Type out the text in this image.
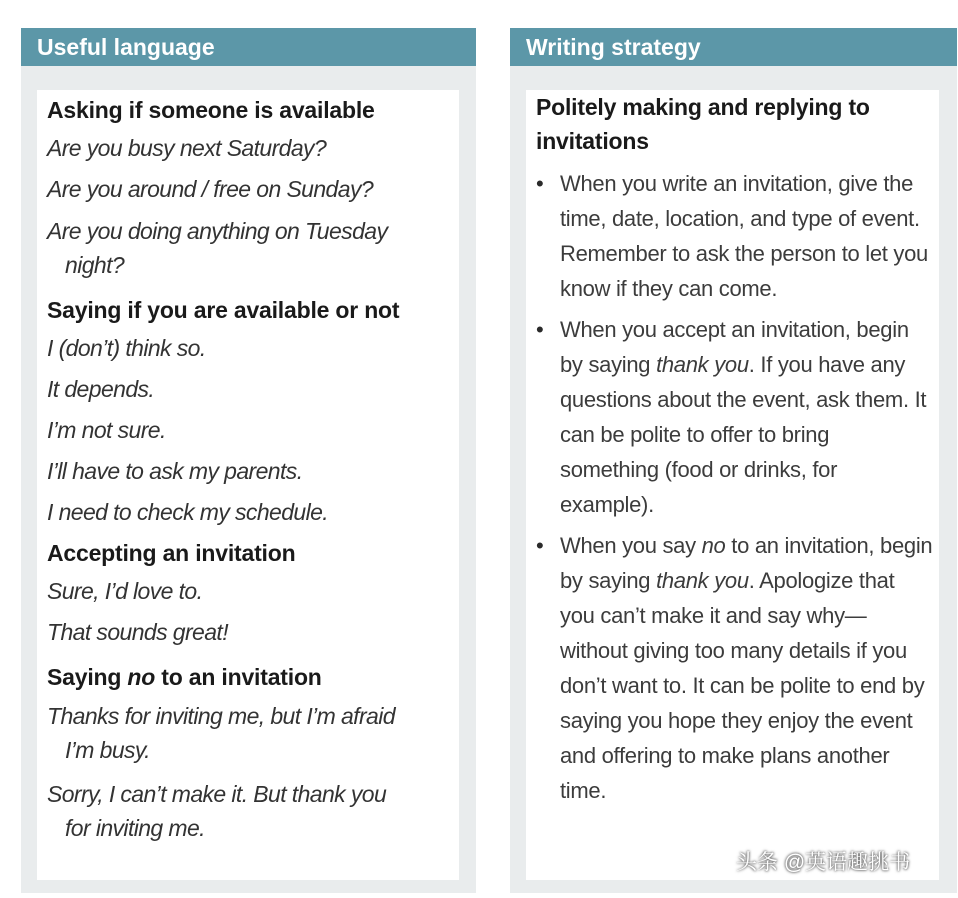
Useful language

Asking if someone is available

Are you busy next Saturday?

Are you around / free on Sunday?

Are you doing anything on Tuesday
night?

Saying if you are available or not

I (don’t) think so.

It depends.

I’m not sure.

I’ll have to ask my parents.

I need to check my schedule.

Accepting an invitation

Sure, I’d love to.

That sounds great!

Saying no to an invitation

Thanks for inviting me, but I’m afraid
I’m busy.

Sorry, I can’t make it. But thank you
for inviting me.

Writing strategy

Politely making and replying to invitations

• When you write an invitation, give the time, date, location, and type of event. Remember to ask the person to let you know if they can come.
• When you accept an invitation, begin by saying thank you. If you have any questions about the event, ask them. It can be polite to offer to bring something (food or drinks, for example).
• When you say no to an invitation, begin by saying thank you. Apologize that you can’t make it and say why—without giving too many details if you don’t want to. It can be polite to end by saying you hope they enjoy the event and offering to make plans another time.
头条 @英语趣挑书
